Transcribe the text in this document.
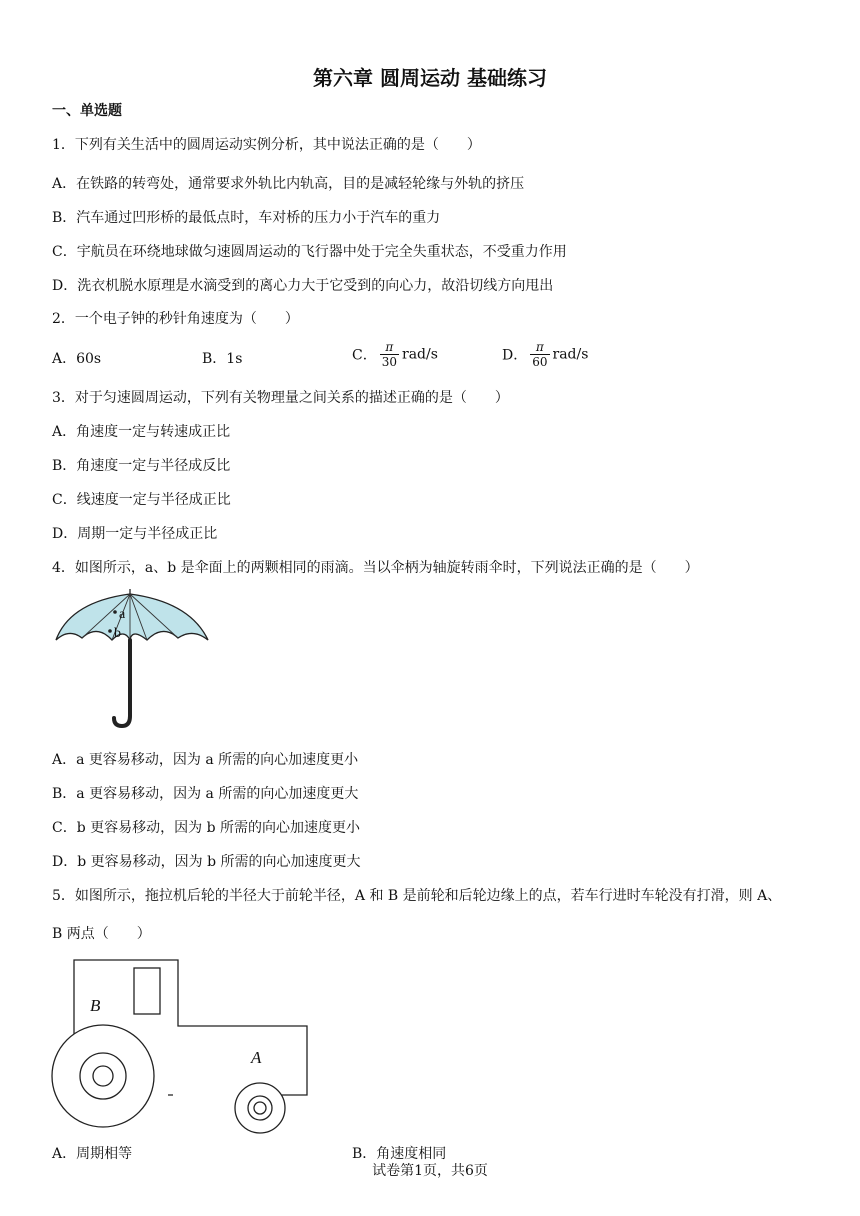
第六章 圆周运动 基础练习
一、单选题
1．下列有关生活中的圆周运动实例分析，其中说法正确的是（　　）
A．在铁路的转弯处，通常要求外轨比内轨高，目的是减轻轮缘与外轨的挤压
B．汽车通过凹形桥的最低点时，车对桥的压力小于汽车的重力
C．宇航员在环绕地球做匀速圆周运动的飞行器中处于完全失重状态，不受重力作用
D．洗衣机脱水原理是水滴受到的离心力大于它受到的向心力，故沿切线方向甩出
2．一个电子钟的秒针角速度为（　　）
A．60s	B．1s	C． $\frac{\pi}{30} rad/s$	D． $\frac{\pi}{60} rad/s$
3．对于匀速圆周运动，下列有关物理量之间关系的描述正确的是（　　）
A．角速度一定与转速成正比
B．角速度一定与半径成反比
C．线速度一定与半径成正比
D．周期一定与半径成正比
4．如图所示，a、b 是伞面上的两颗相同的雨滴。当以伞柄为轴旋转雨伞时，下列说法正确的是（　　）
a
b
A．a 更容易移动，因为 a 所需的向心加速度更小
B．a 更容易移动，因为 a 所需的向心加速度更大
C．b 更容易移动，因为 b 所需的向心加速度更小
D．b 更容易移动，因为 b 所需的向心加速度更大
5．如图所示，拖拉机后轮的半径大于前轮半径，A 和 B 是前轮和后轮边缘上的点，若车行进时车轮没有打滑，则 A、
B 两点（　　）
B
A
A．周期相等	B．角速度相同
试卷第1页，共6页
